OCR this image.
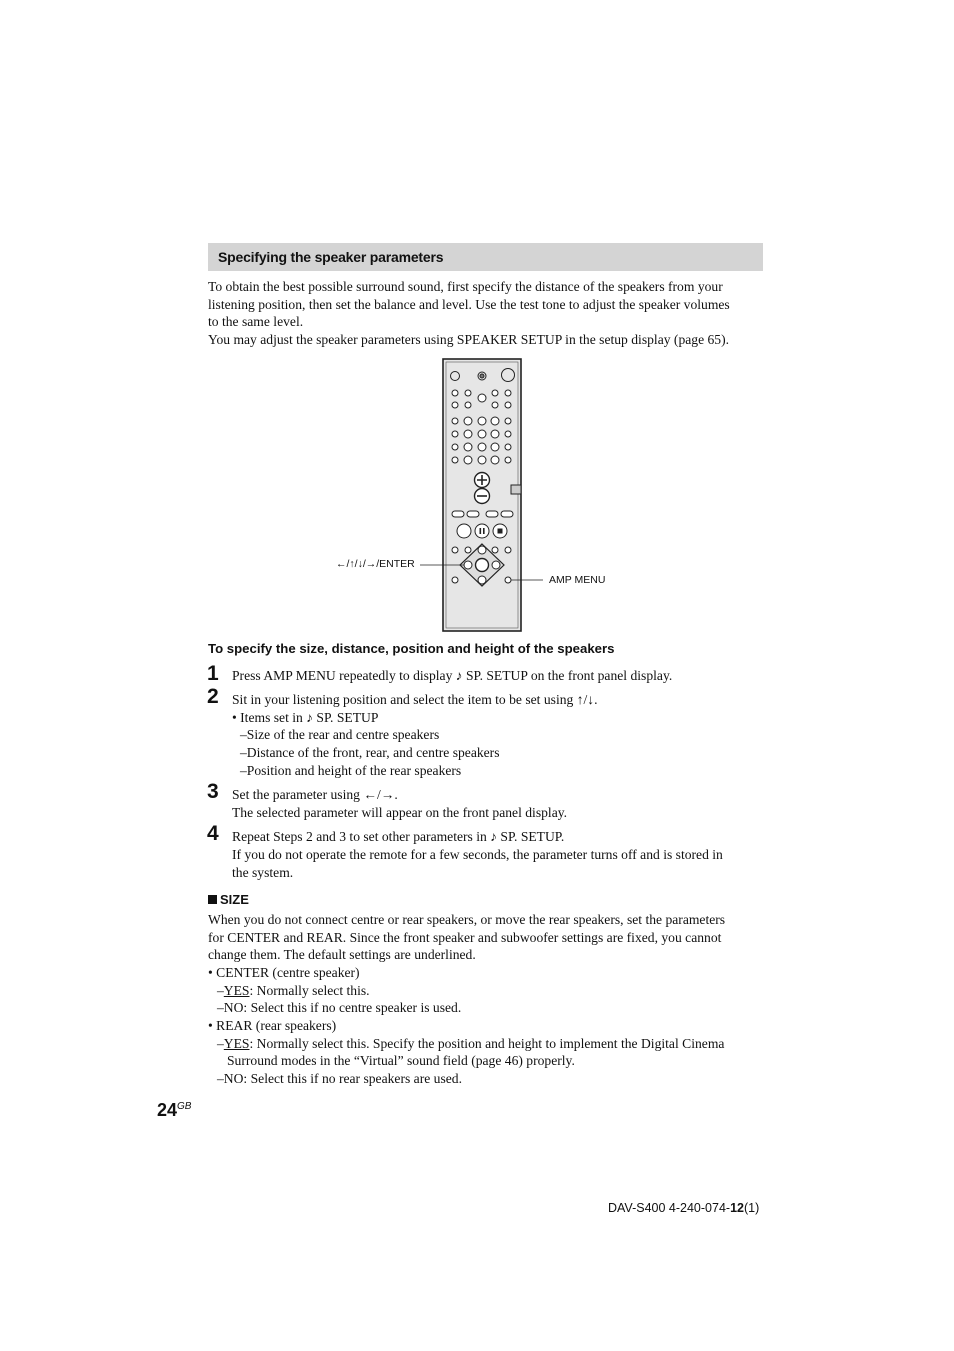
Specifying the speaker parameters
To obtain the best possible surround sound, first specify the distance of the speakers from your
listening position, then set the balance and level. Use the test tone to adjust the speaker volumes
to the same level.
You may adjust the speaker parameters using SPEAKER SETUP in the setup display (page 65).
←/↑/↓/→/ENTER
AMP MENU
To specify the size, distance, position and height of the speakers
1 Press AMP MENU repeatedly to display ♪ SP. SETUP on the front panel display.
2 Sit in your listening position and select the item to be set using ↑/↓.
• Items set in ♪ SP. SETUP
–Size of the rear and centre speakers
–Distance of the front, rear, and centre speakers
–Position and height of the rear speakers
3 Set the parameter using ←/→.
The selected parameter will appear on the front panel display.
4 Repeat Steps 2 and 3 to set other parameters in ♪ SP. SETUP.
If you do not operate the remote for a few seconds, the parameter turns off and is stored in
the system.
SIZE
When you do not connect centre or rear speakers, or move the rear speakers, set the parameters
for CENTER and REAR. Since the front speaker and subwoofer settings are fixed, you cannot
change them. The default settings are underlined.
• CENTER (centre speaker)
–YES: Normally select this.
–NO: Select this if no centre speaker is used.
• REAR (rear speakers)
–YES: Normally select this. Specify the position and height to implement the Digital Cinema
Surround modes in the “Virtual” sound field (page 46) properly.
–NO: Select this if no rear speakers are used.
$24^{GB}$
DAV-S400 4-240-074-12(1)
